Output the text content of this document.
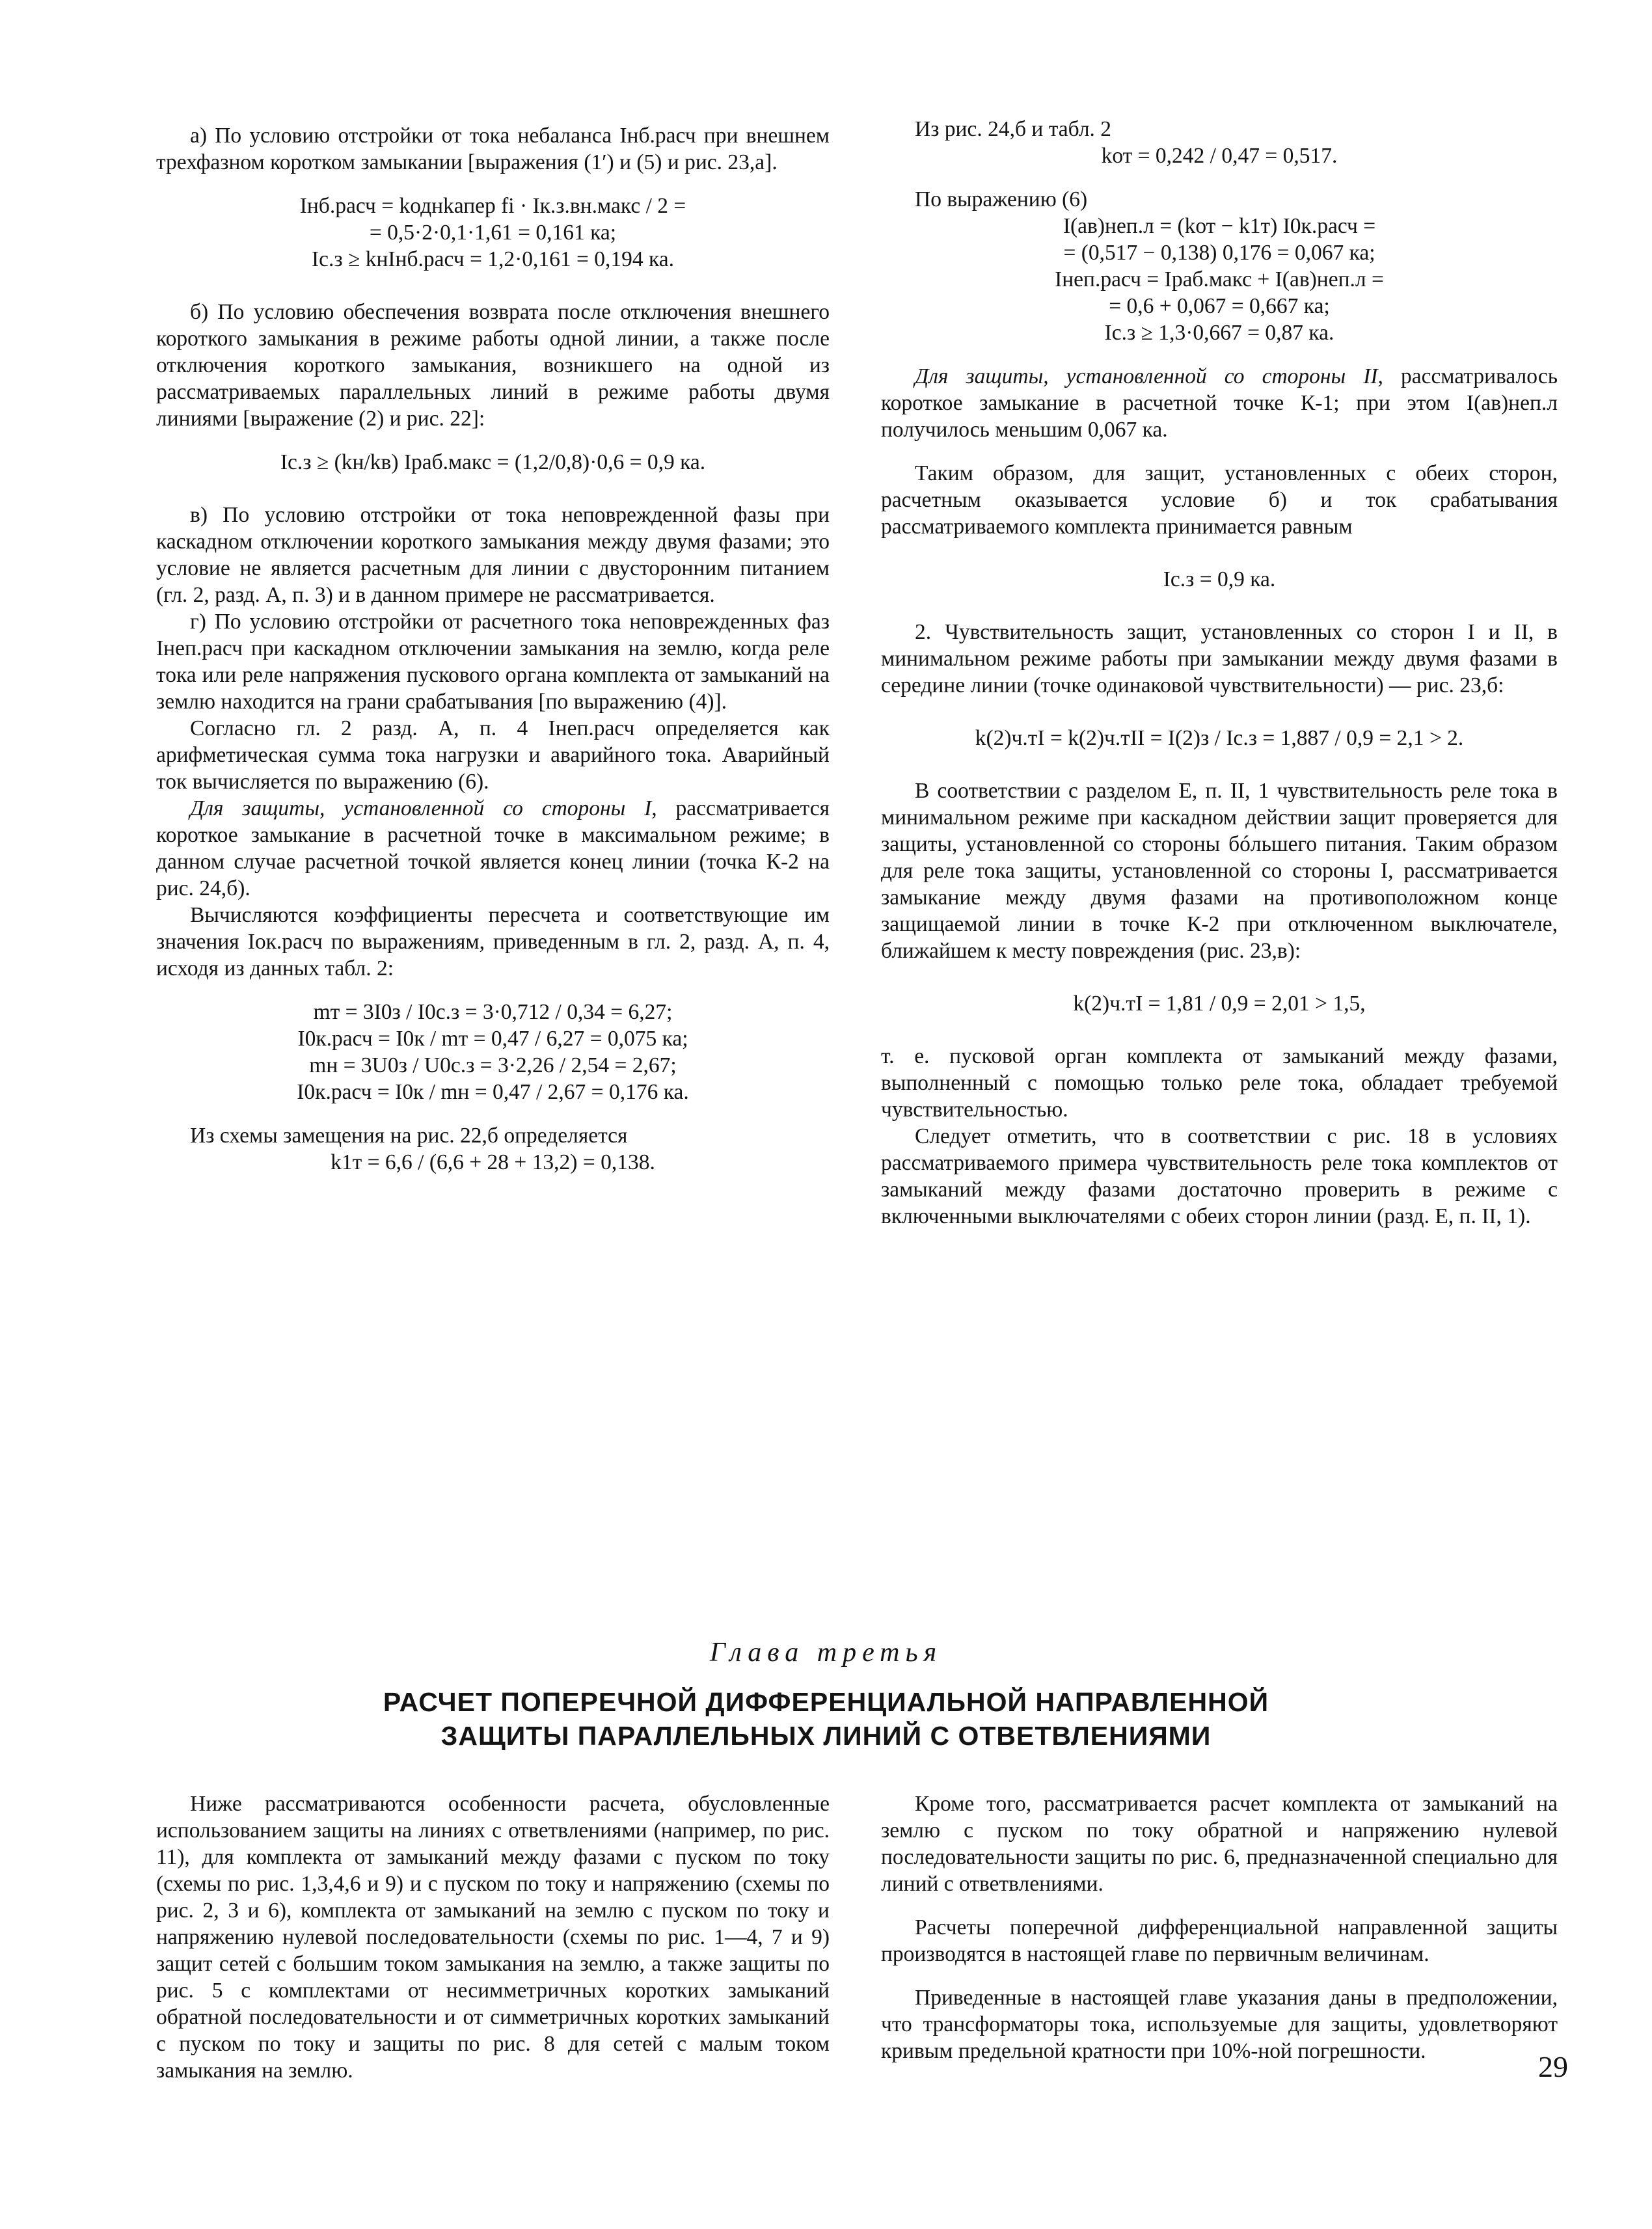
а) По условию отстройки от тока небаланса Iнб.расч при внешнем трехфазном коротком замыкании [выражения (1′) и (5) и рис. 23,а].

Iнб.расч = kоднkапер fi · Iк.з.вн.макс / 2 =

= 0,5·2·0,1·1,61 = 0,161 ка;

Iс.з ≥ kнIнб.расч = 1,2·0,161 = 0,194 ка.

б) По условию обеспечения возврата после отключения внешнего короткого замыкания в режиме работы одной линии, а также после отключения короткого замыкания, возникшего на одной из рассматриваемых параллельных линий в режиме работы двумя линиями [выражение (2) и рис. 22]:

Iс.з ≥ (kн/kв) Iраб.макс = (1,2/0,8)·0,6 = 0,9 ка.

в) По условию отстройки от тока неповрежденной фазы при каскадном отключении короткого замыкания между двумя фазами; это условие не является расчетным для линии с двусторонним питанием (гл. 2, разд. А, п. 3) и в данном примере не рассматривается.

г) По условию отстройки от расчетного тока неповрежденных фаз Iнеп.расч при каскадном отключении замыкания на землю, когда реле тока или реле напряжения пускового органа комплекта от замыканий на землю находится на грани срабатывания [по выражению (4)].

Согласно гл. 2 разд. А, п. 4 Iнеп.расч определяется как арифметическая сумма тока нагрузки и аварийного тока. Аварийный ток вычисляется по выражению (6).

Для защиты, установленной со стороны I, рассматривается короткое замыкание в расчетной точке в максимальном режиме; в данном случае расчетной точкой является конец линии (точка К-2 на рис. 24,б).

Вычисляются коэффициенты пересчета и соответствующие им значения Iок.расч по выражениям, приведенным в гл. 2, разд. А, п. 4, исходя из данных табл. 2:

mт = 3I0з / I0с.з = 3·0,712 / 0,34 = 6,27;

I0к.расч = I0к / mт = 0,47 / 6,27 = 0,075 ка;

mн = 3U0з / U0с.з = 3·2,26 / 2,54 = 2,67;

I0к.расч = I0к / mн = 0,47 / 2,67 = 0,176 ка.

Из схемы замещения на рис. 22,б определяется

k1т = 6,6 / (6,6 + 28 + 13,2) = 0,138.

Из рис. 24,б и табл. 2

kот = 0,242 / 0,47 = 0,517.

По выражению (6)

I(ав)неп.л = (kот − k1т) I0к.расч =

= (0,517 − 0,138) 0,176 = 0,067 ка;

Iнеп.расч = Iраб.макс + I(ав)неп.л =

= 0,6 + 0,067 = 0,667 ка;

Iс.з ≥ 1,3·0,667 = 0,87 ка.

Для защиты, установленной со стороны II, рассматривалось короткое замыкание в расчетной точке К-1; при этом I(ав)неп.л получилось меньшим 0,067 ка.

Таким образом, для защит, установленных с обеих сторон, расчетным оказывается условие б) и ток срабатывания рассматриваемого комплекта принимается равным

Iс.з = 0,9 ка.

2. Чувствительность защит, установленных со сторон I и II, в минимальном режиме работы при замыкании между двумя фазами в середине линии (точке одинаковой чувствительности) — рис. 23,б:

k(2)ч.тI = k(2)ч.тII = I(2)з / Iс.з = 1,887 / 0,9 = 2,1 > 2.

В соответствии с разделом Е, п. II, 1 чувствительность реле тока в минимальном режиме при каскадном действии защит проверяется для защиты, установленной со стороны бóльшего питания. Таким образом для реле тока защиты, установленной со стороны I, рассматривается замыкание между двумя фазами на противоположном конце защищаемой линии в точке К-2 при отключенном выключателе, ближайшем к месту повреждения (рис. 23,в):

k(2)ч.тI = 1,81 / 0,9 = 2,01 > 1,5,

т. е. пусковой орган комплекта от замыканий между фазами, выполненный с помощью только реле тока, обладает требуемой чувствительностью.

Следует отметить, что в соответствии с рис. 18 в условиях рассматриваемого примера чувствительность реле тока комплектов от замыканий между фазами достаточно проверить в режиме с включенными выключателями с обеих сторон линии (разд. Е, п. II, 1).

Глава третья
РАСЧЕТ ПОПЕРЕЧНОЙ ДИФФЕРЕНЦИАЛЬНОЙ НАПРАВЛЕННОЙ
ЗАЩИТЫ ПАРАЛЛЕЛЬНЫХ ЛИНИЙ С ОТВЕТВЛЕНИЯМИ

Ниже рассматриваются особенности расчета, обусловленные использованием защиты на линиях с ответвлениями (например, по рис. 11), для комплекта от замыканий между фазами с пуском по току (схемы по рис. 1,3,4,6 и 9) и с пуском по току и напряжению (схемы по рис. 2, 3 и 6), комплекта от замыканий на землю с пуском по току и напряжению нулевой последовательности (схемы по рис. 1—4, 7 и 9) защит сетей с большим током замыкания на землю, а также защиты по рис. 5 с комплектами от несимметричных коротких замыканий обратной последовательности и от симметричных коротких замыканий с пуском по току и защиты по рис. 8 для сетей с малым током замыкания на землю.

Кроме того, рассматривается расчет комплекта от замыканий на землю с пуском по току обратной и напряжению нулевой последовательности защиты по рис. 6, предназначенной специально для линий с ответвлениями.

Расчеты поперечной дифференциальной направленной защиты производятся в настоящей главе по первичным величинам.

Приведенные в настоящей главе указания даны в предположении, что трансформаторы тока, используемые для защиты, удовлетворяют кривым предельной кратности при 10%-ной погрешности.	29
